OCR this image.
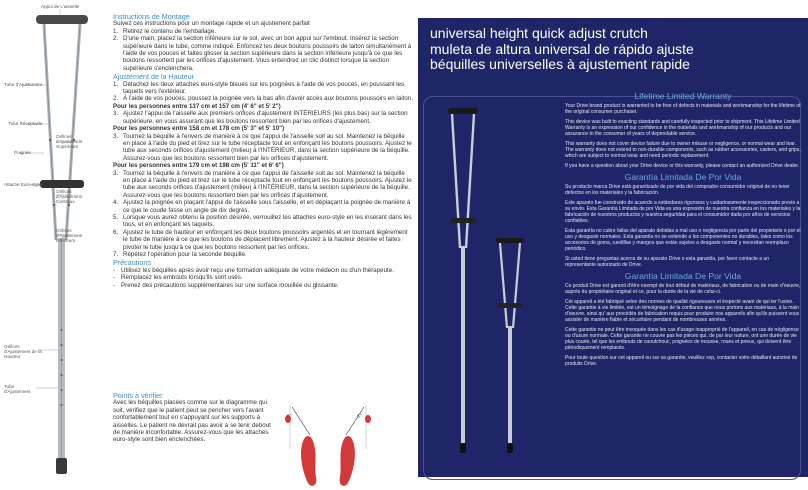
Appui de L'aisselle
Tube d'Ajustement
Tube Réceptacle
Orifices d'Ajustement Supérieurs
Poignée
Attache Euro-style
Orifices d'Ajustement Centraux
Orifices d'Ajustement Inférieurs
Orifices d'Ajustement de la Hauteur
Tube d'Ajustement
Instructions de Montage
Suivez ces instructions pour un montage rapide et un ajustement parfait
1. Retirez le contenu de l'emballage.
2. D'une main, placez la section inférieure sur le sol, avec un bon appui sur l'embout. Insérez la section supérieure dans le tube, comme indiqué. Enfoncez les deux boutons poussoirs de laiton simultanément à l'aide de vos pouces et faites glisser la section supérieure dans la section inférieure jusqu'à ce que les boutons ressortent par les orifices d'ajustement. Vous entendrez un clic distinct lorsque la section supérieure s'enclenchera.
Ajustement de la Hauteur
1. Détachez les deux attaches euro-style bleues sur les poignées à l'aide de vos pouces, en poussant les taquets vers l'extérieur.
2. À l'aide de vos pouces, poussez la poignée vers la bas afin d'avoir accès aux boutons poussoirs en laiton.
Pour les personnes entre 137 cm et 157 cm (4' 6" et 5' 2")
3. Ajustez l'appui de l'aisselle aux premiers orifices d'ajustement INTÉRIEURS (les plus bas) sur la section supérieure, en vous assurant que les boutons ressortent bien par les orifices d'ajustement.
Pour les personnes entre 158 cm et 178 cm (5' 3" et 5' 10")
3. Tournez la béquille à l'envers de manière à ce que l'appui de l'aisselle soit au sol. Maintenez la béquille en place à l'aide du pied et tirez sur le tube réceptacle tout en enfonçant les boutons poussoirs. Ajustez le tube aux seconds orifices d'ajustement (milieu) à l'INTÉRIEUR, dans la section supérieure de la béquille. Assurez-vous que les boutons ressortent bien par les orifices d'ajustement.
Pour les personnes entre 179 cm et 198 cm (5' 11" et 6' 6")
3. Tournez la béquille à l'envers de manière à ce que l'appui de l'aisselle soit au sol. Maintenez la béquille en place à l'aide du pied et tirez sur le tube réceptacle tout en enfonçant les boutons poussoirs. Ajustez le tube aux seconds orifices d'ajustement (milieu) à l'INTÉRIEUR, dans la section supérieure de la béquille. Assurez-vous que les boutons ressortent bien par les orifices d'ajustement.
4. Ajustez la poignée en plaçant l'appui de l'aisselle sous l'aisselle, et en déplaçant la poignée de manière à ce que le coude fasse un angle de dix degrés.
5. Lorsque vous aurez obtenu la position désirée, verrouillez les attaches euro-style en les insérant dans les tous, et en enfonçant les taquets.
6. Ajustez le tube de hauteur en enfonçant les deux boutons poussoirs argentés et en tournant légèrement le tube de manière à ce que les boutons de déplacent librement. Ajustez à la hauteur désirée et faites pivoter le tube jusqu'à ce que les boutons ressortent par les orifices.
7. Répétez l'opération pour la seconde béquille.
Précautions
- Utilisez les béquilles après avoir reçu une formation adéquate de votre médecin ou d'un thérapeute.
- Remplacez les embouts lorsqu'ils sont usés.
- Prenez des précautions supplémentaires sur une surface mouillée ou glissante.
Points à vérifier
Avec les béquilles placées comme sur le diagramme qui suit, vérifiez que le patient peut se pencher vers l'avant confortablement tout en s'appuyant sur les supports à aisselles. Le patient ne devrait pas avoir à se tenir debout de manière inconfortable. Assurez-vous que les attaches euro-style sont bien enclenchées.
6"	6"
universal height quick adjust crutch
muleta de altura universal de rápido ajuste
béquilles universelles à ajustement rapide
Lifetime Limited Warranty
Your Drive brand product is warranted to be free of defects in materials and workmanship for the lifetime of the original consumer purchaser.
This device was built to exacting standards and carefully inspected prior to shipment. This Lifetime Limited Warranty is an expression of our confidence in the materials and workmanship of our products and our assurance to the consumer of years of dependable service.
This warranty does not cover device failure due to owner misuse or negligence, or normal wear and tear. The warranty does not extend to non-durable components, such as rubber accessories, casters, and grips, which are subject to normal wear and need periodic replacement.
If you have a question about your Drive device or this warranty, please contact an authorized Drive dealer.
Garantía Limitada De Por Vida
Su producto marca Drive está garantizado de por vida del comprador-consumidor original de no tener defectos en los materiales y la fabricación.
Este aparato fue construido de acuerdo a estándares rigurosos y cuidadosamente inspeccionado previo a su envío. Esta Garantía Limitada de por Vida es una expresión de nuestra confianza en los materiales y la fabricación de nuestros productos y nuestra seguridad para el consumidor dada por años de servicios confiables.
Esta garantía no cubre fallas del aparato debidas a mal uso o negligencia por parte del propietario o por el uso y desgaste normales. Esta garantía no se extiende a los componentes no durables, tales como los accesorios de goma, ruedillas y mangos que están sujetos a desgaste normal y necesitan reemplazo periódico.
Si usted tiene preguntas acerca de su aparato Drive o esta garantía, por favor contacte a un representante autorizado de Drive.
Garantia Limitada De Por Vida
Ce produit Drive est garanti d'être exempt de tout défaut de matériaux, de fabrication ou de main d'oeuvre, auprès du propriétaire original et ce, pour la durée de la vie de celui-ci.
Cet appareil a été fabriqué selon des normes de qualité rigoureuses et inspecté avant de qui ter l'usine. Cette garantie à vie limitée, est un témoignage de la confiance que nous portons aux matériaux, à la main d'oeuvre, ainsi qu' aux procédés de fabrication requis pour produire nos appareils afin qu'ils puissent vous assister de manière fiable et sécuritaire pendant de nombreuses années.
Cette garantie ne peut être invoquée dans les cas d'usage inapproprié de l'appareil, en cas de négligence ou d'usure normale. Cette garantie ne couvre pas les pièces qui, de par leur nature, ont une durée de vie plus courte, tel que les embouts de caoutchouc, poignées de mousse, roues et pneus, qui doivent être périodiquement remplacés.
Pour toute question sur cet appareil ou sur sa garantie, veuillez svp, contacter votre détaillant autorisé de produits Drive.
